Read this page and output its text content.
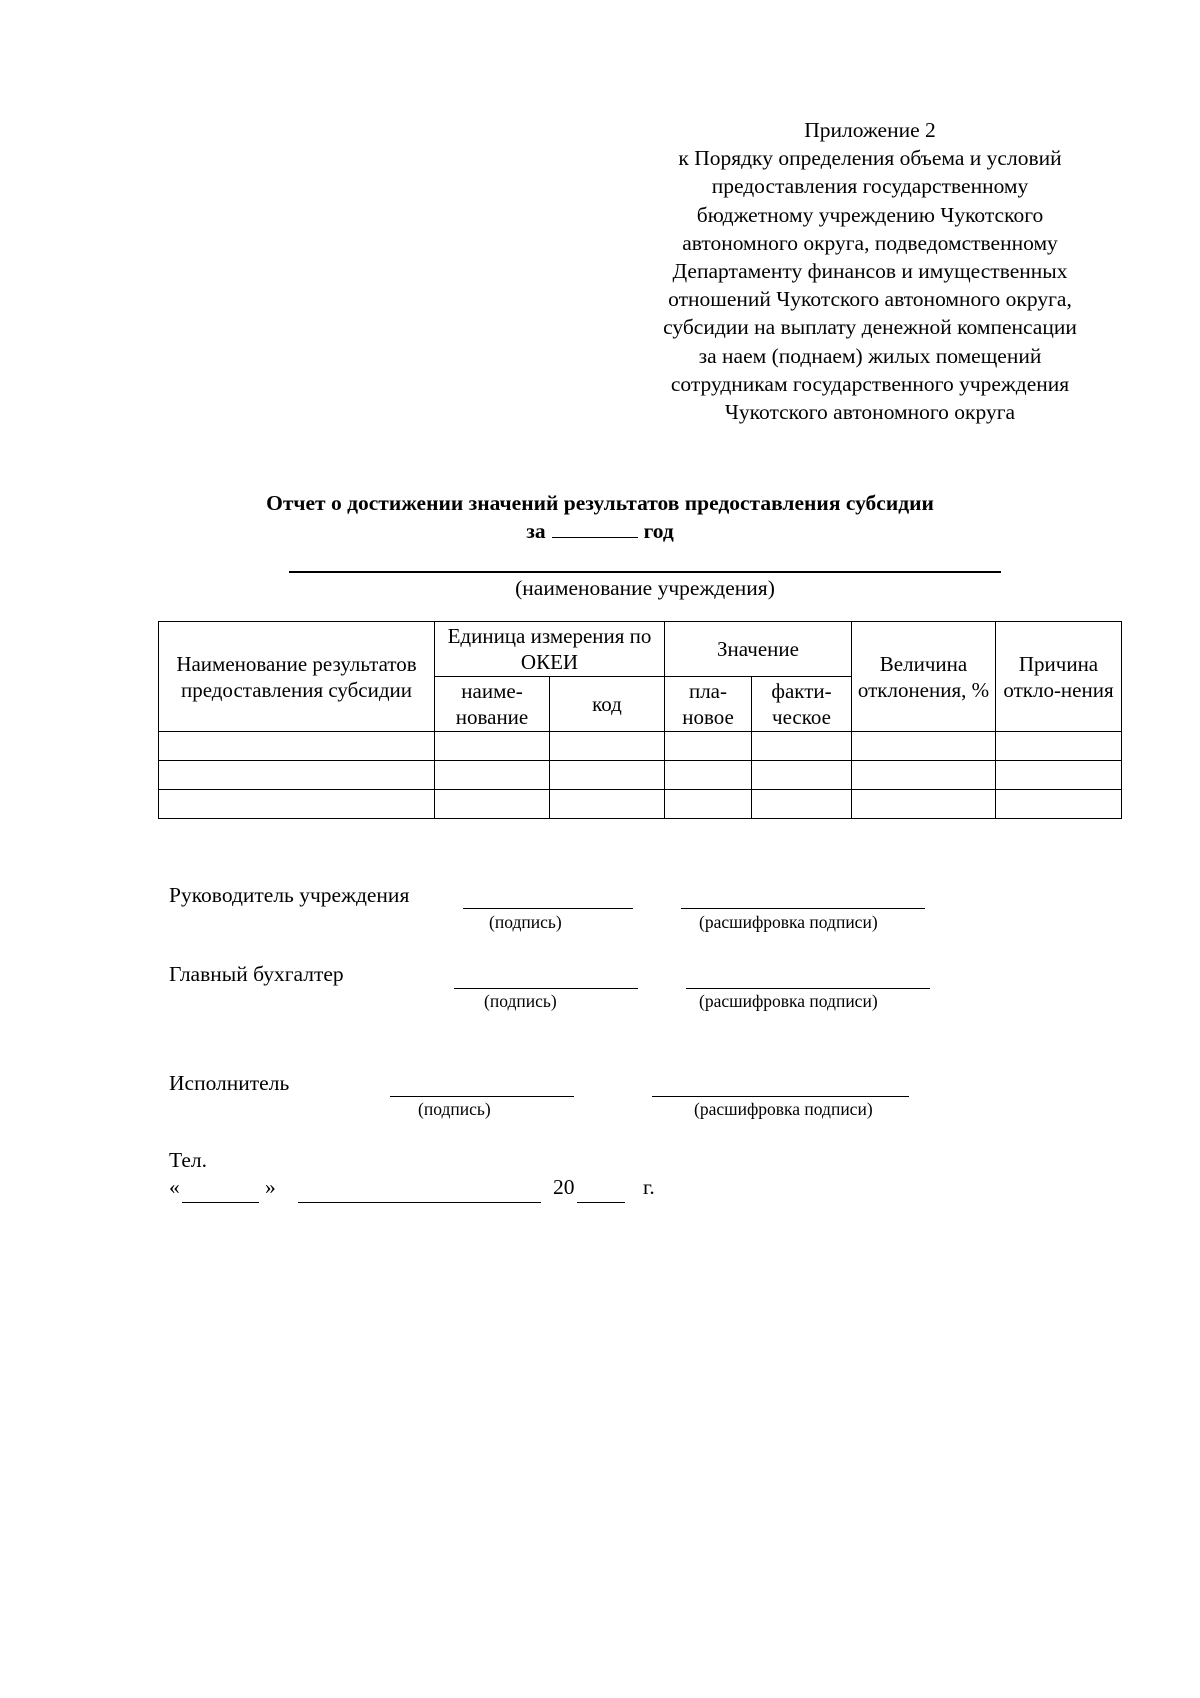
Приложение 2
к Порядку определения объема и условий
предоставления государственному
бюджетному учреждению Чукотского
автономного округа, подведомственному
Департаменту финансов и имущественных
отношений Чукотского автономного округа,
субсидии на выплату денежной компенсации
за наем (поднаем) жилых помещений
сотрудникам государственного учреждения
Чукотского автономного округа
Отчет о достижении значений результатов предоставления субсидии
за	год
(наименование учреждения)
Наименование результатов предоставления субсидии	Единица измерения по ОКЕИ		Значение		Величина отклонения, %	Причина откло-нения
	наиме-нование	код	пла-новое	факти-ческое		

Руководитель учреждения
(подпись)	(расшифровка подписи)
Главный бухгалтер
(подпись)	(расшифровка подписи)
Исполнитель
(подпись)	(расшифровка подписи)
Тел.
«	»	20	г.
